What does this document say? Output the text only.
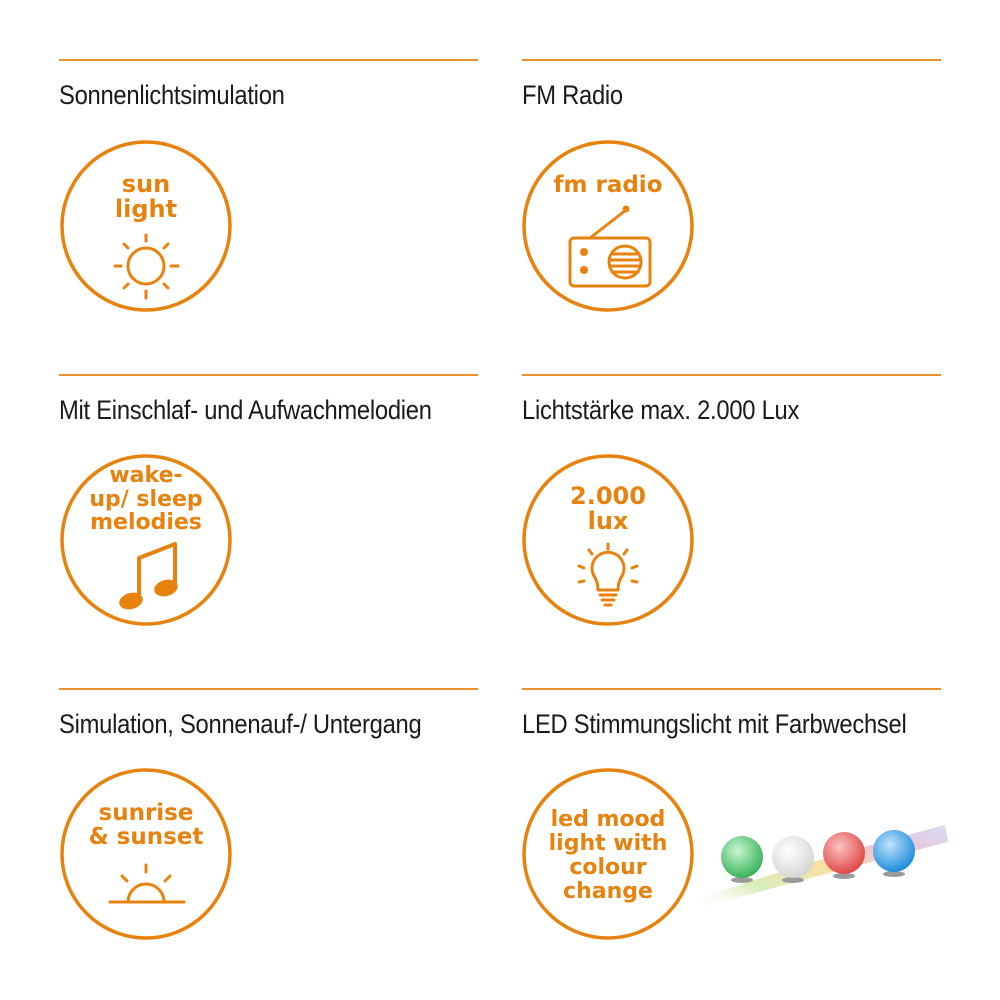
Sonnenlichtsimulation	FM Radio
sun
light
fm radio
Mit Einschlaf- und Aufwachmelodien	Lichtstärke max. 2.000 Lux
wake-
up/ sleep
melodies
2.000
lux
Simulation, Sonnenauf-/ Untergang	LED Stimmungslicht mit Farbwechsel
sunrise
& sunset
led mood
light with
colour
change
